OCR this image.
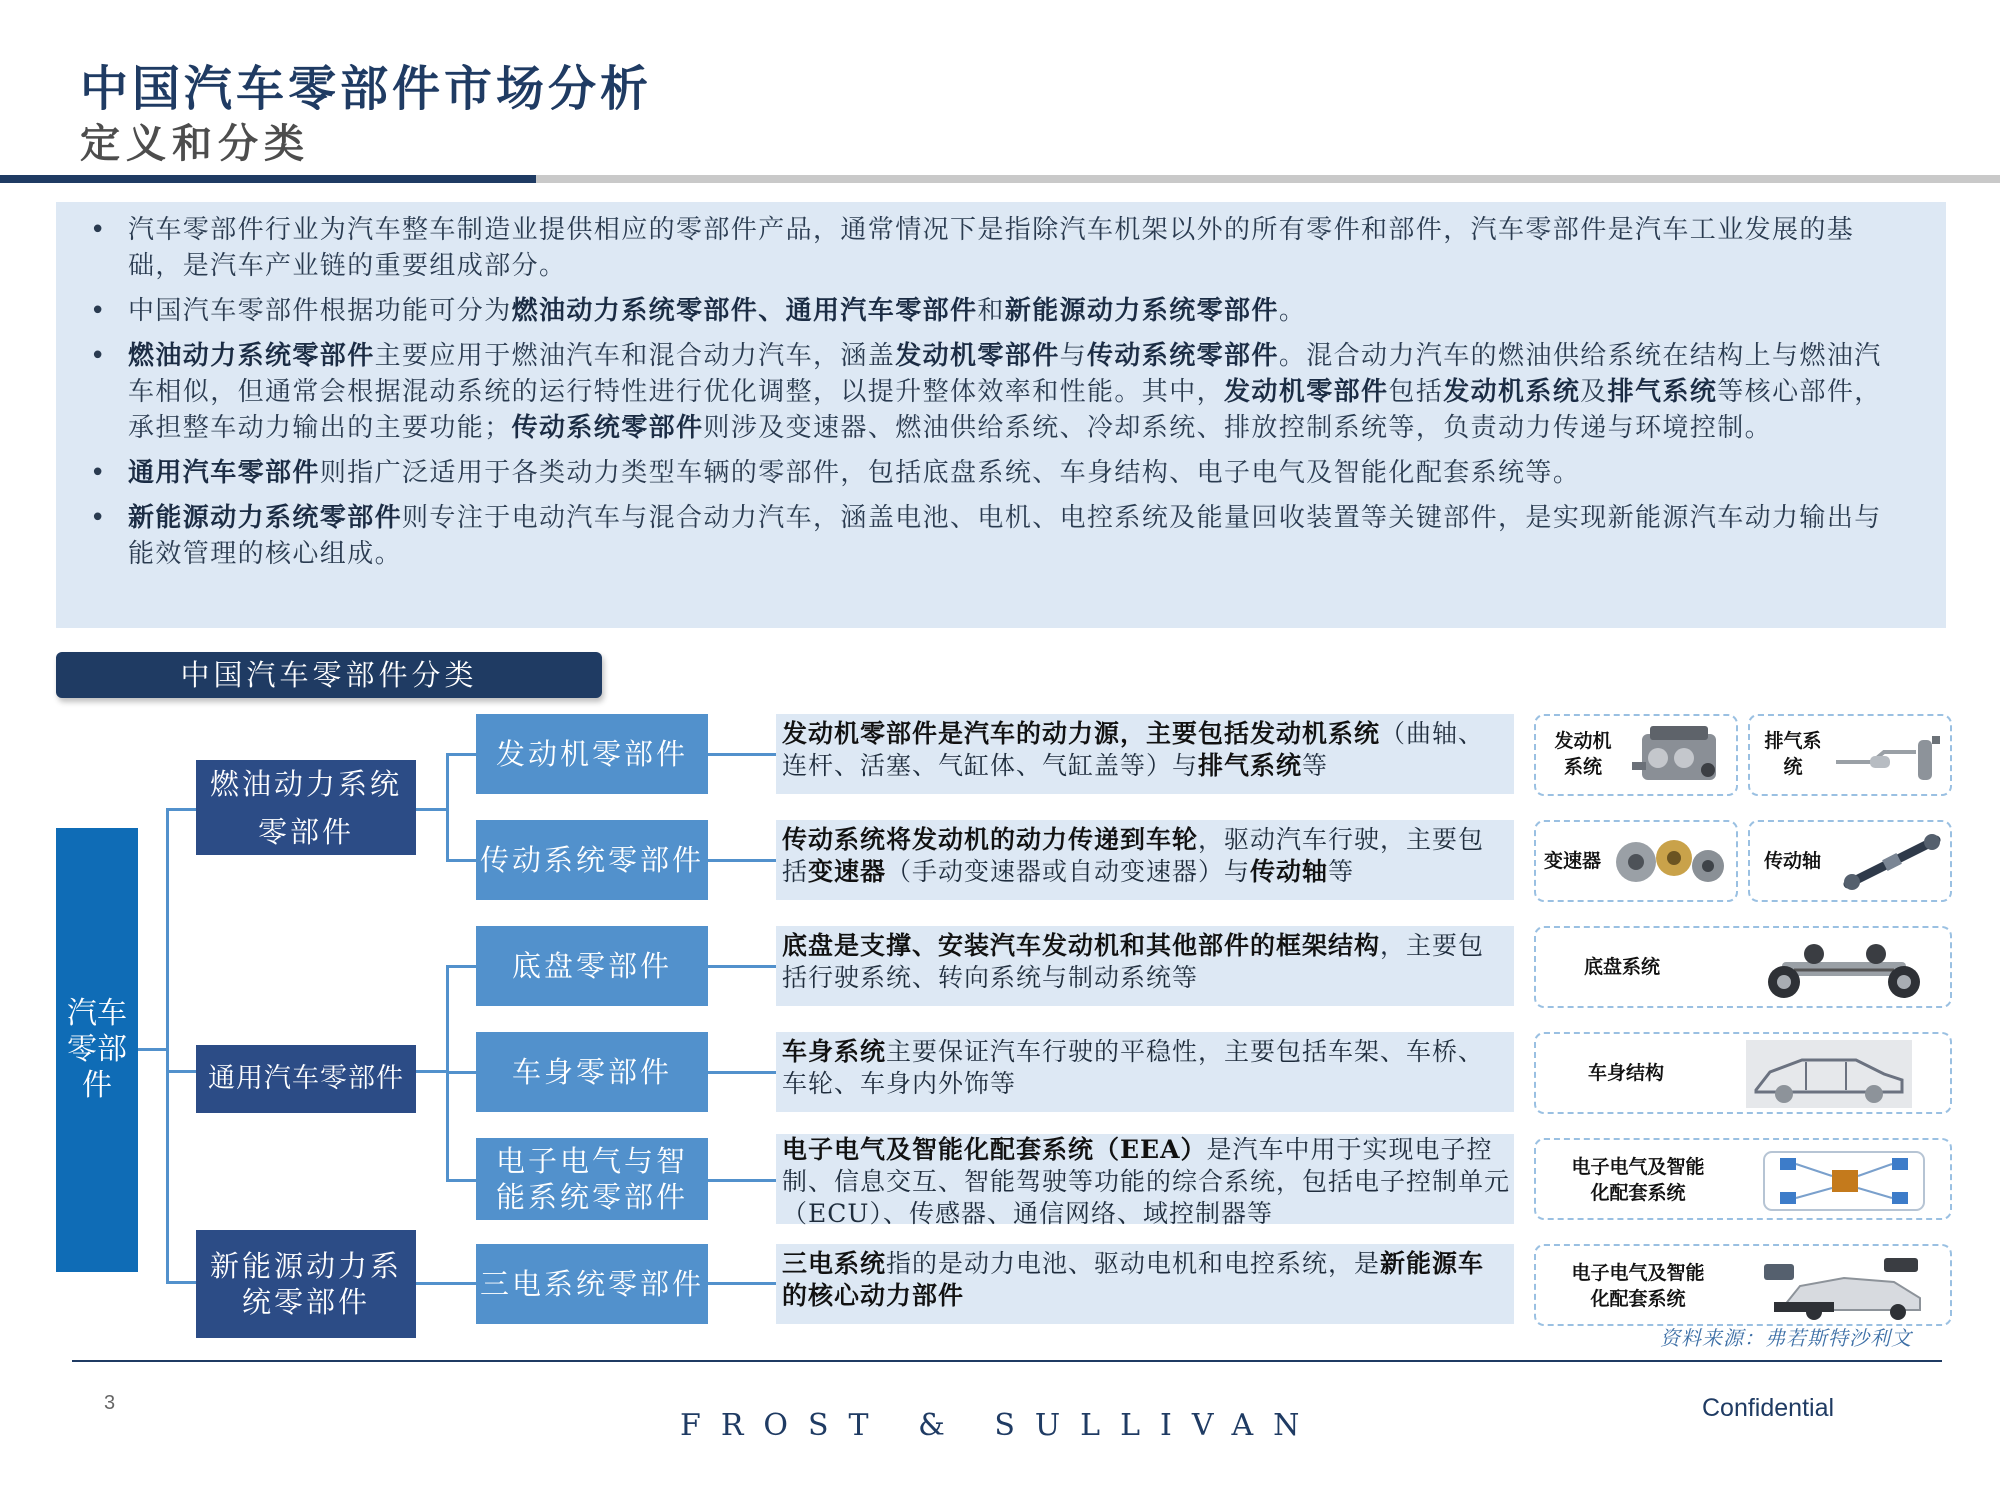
中国汽车零部件市场分析
定义和分类
• 汽车零部件行业为汽车整车制造业提供相应的零部件产品，通常情况下是指除汽车机架以外的所有零件和部件，汽车零部件是汽车工业发展的基础，是汽车产业链的重要组成部分。
• 中国汽车零部件根据功能可分为燃油动力系统零部件、通用汽车零部件和新能源动力系统零部件。
• 燃油动力系统零部件主要应用于燃油汽车和混合动力汽车，涵盖发动机零部件与传动系统零部件。混合动力汽车的燃油供给系统在结构上与燃油汽车相似，但通常会根据混动系统的运行特性进行优化调整，以提升整体效率和性能。其中，发动机零部件包括发动机系统及排气系统等核心部件，承担整车动力输出的主要功能；传动系统零部件则涉及变速器、燃油供给系统、冷却系统、排放控制系统等，负责动力传递与环境控制。
• 通用汽车零部件则指广泛适用于各类动力类型车辆的零部件，包括底盘系统、车身结构、电子电气及智能化配套系统等。
• 新能源动力系统零部件则专注于电动汽车与混合动力汽车，涵盖电池、电机、电控系统及能量回收装置等关键部件，是实现新能源汽车动力输出与能效管理的核心组成。
中国汽车零部件分类
汽车零部件
燃油动力系统零部件
通用汽车零部件
新能源动力系统零部件
发动机零部件
传动系统零部件
底盘零部件
车身零部件
电子电气与智能系统零部件
三电系统零部件
发动机零部件是汽车的动力源，主要包括发动机系统（曲轴、连杆、活塞、气缸体、气缸盖等）与排气系统等
传动系统将发动机的动力传递到车轮，驱动汽车行驶，主要包括变速器（手动变速器或自动变速器）与传动轴等
底盘是支撑、安装汽车发动机和其他部件的框架结构，主要包括行驶系统、转向系统与制动系统等
车身系统主要保证汽车行驶的平稳性，主要包括车架、车桥、车轮、车身内外饰等
电子电气及智能化配套系统（EEA）是汽车中用于实现电子控制、信息交互、智能驾驶等功能的综合系统，包括电子控制单元（ECU）、传感器、通信网络、域控制器等
三电系统指的是动力电池、驱动电机和电控系统，是新能源车的核心动力部件
发动机系统
排气系统
变速器	传动轴
底盘系统
车身结构
电子电气及智能化配套系统
电子电气及智能化配套系统
资料来源：弗若斯特沙利文
3
FROST & SULLIVAN	Confidential
